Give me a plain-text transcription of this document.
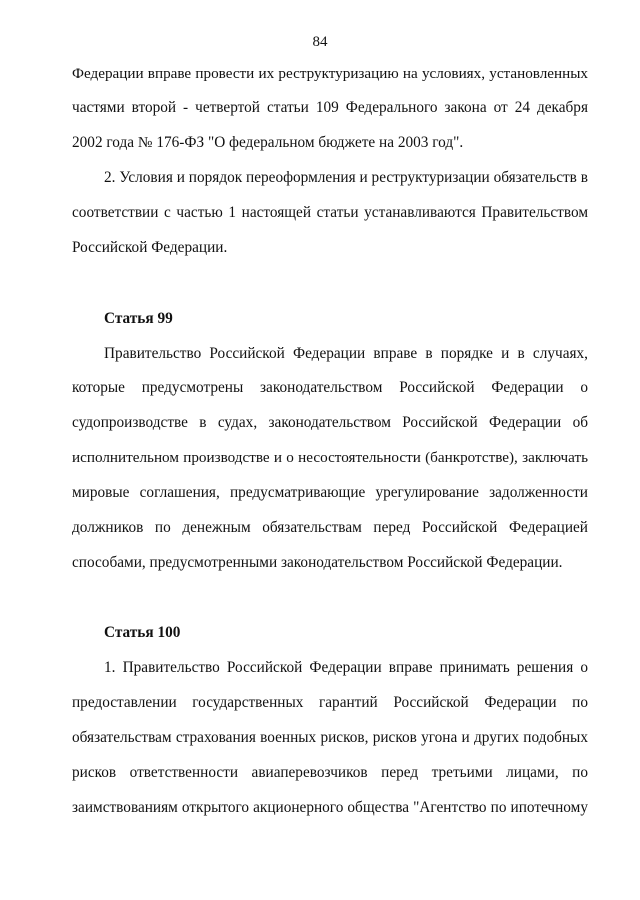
84
Федерации вправе провести их реструктуризацию на условиях, установленных
частями второй - четвертой статьи 109 Федерального закона от 24 декабря
2002 года № 176-ФЗ "О федеральном бюджете на 2003 год".
2. Условия и порядок переоформления и реструктуризации обязательств в
соответствии с частью 1 настоящей статьи устанавливаются Правительством
Российской Федерации.
Статья 99
Правительство Российской Федерации вправе в порядке и в случаях,
которые предусмотрены законодательством Российской Федерации о
судопроизводстве в судах, законодательством Российской Федерации об
исполнительном производстве и о несостоятельности (банкротстве), заключать
мировые соглашения, предусматривающие урегулирование задолженности
должников по денежным обязательствам перед Российской Федерацией
способами, предусмотренными законодательством Российской Федерации.
Статья 100
1. Правительство Российской Федерации вправе принимать решения о
предоставлении государственных гарантий Российской Федерации по
обязательствам страхования военных рисков, рисков угона и других подобных
рисков ответственности авиаперевозчиков перед третьими лицами, по
заимствованиям открытого акционерного общества "Агентство по ипотечному
